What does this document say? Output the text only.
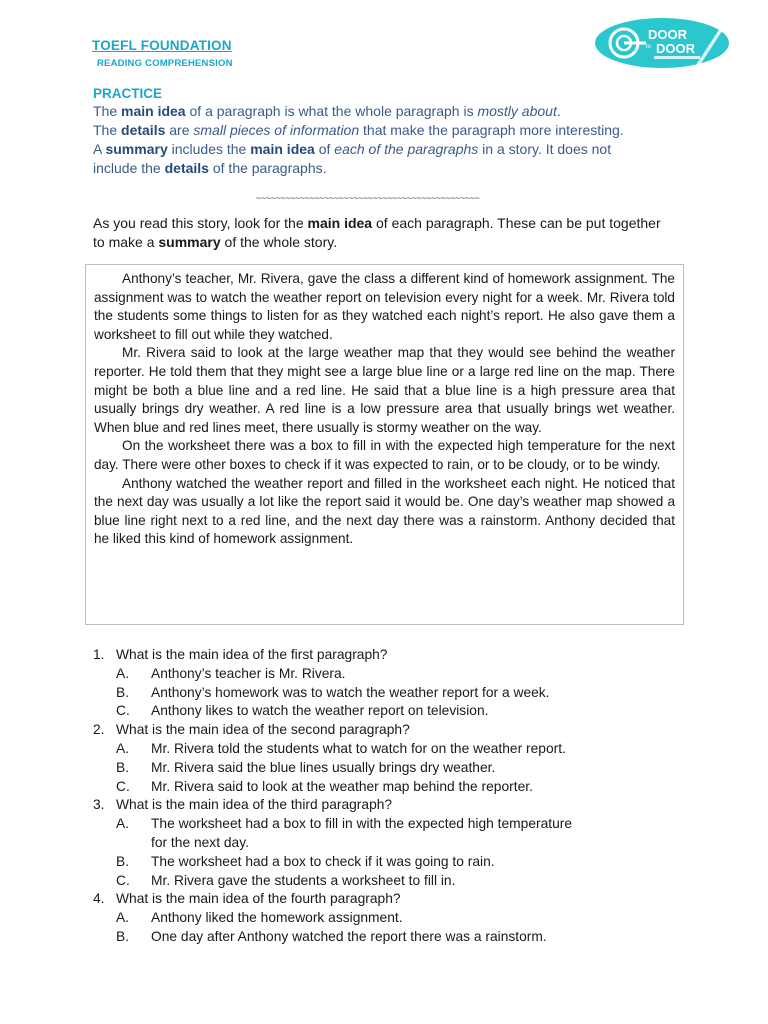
TOEFL FOUNDATION
READING COMPREHENSION
DOOR
to DOOR
PRACTICE
The main idea of a paragraph is what the whole paragraph is mostly about.
The details are small pieces of information that make the paragraph more interesting.
A summary includes the main idea of each of the paragraphs in a story. It does not include the details of the paragraphs.
~~~~~~~~~~~~~~~~~~~~~~~~~~~~~~~~~~~~~~~~~~~~~~
As you read this story, look for the main idea of each paragraph. These can be put together to make a summary of the whole story.

Anthony’s teacher, Mr. Rivera, gave the class a different kind of homework assignment. The assignment was to watch the weather report on television every night for a week. Mr. Rivera told the students some things to listen for as they watched each night’s report. He also gave them a worksheet to fill out while they watched.

Mr. Rivera said to look at the large weather map that they would see behind the weather reporter. He told them that they might see a large blue line or a large red line on the map. There might be both a blue line and a red line. He said that a blue line is a high pressure area that usually brings dry weather. A red line is a low pressure area that usually brings wet weather. When blue and red lines meet, there usually is stormy weather on the way.

On the worksheet there was a box to fill in with the expected high temperature for the next day. There were other boxes to check if it was expected to rain, or to be cloudy, or to be windy.

Anthony watched the weather report and filled in the worksheet each night. He noticed that the next day was usually a lot like the report said it would be. One day’s weather map showed a blue line right next to a red line, and the next day there was a rainstorm. Anthony decided that he liked this kind of homework assignment.

1. What is the main idea of the first paragraph?
A.	Anthony’s teacher is Mr. Rivera.
B.	Anthony’s homework was to watch the weather report for a week.
C.	Anthony likes to watch the weather report on television.
2. What is the main idea of the second paragraph?
A.	Mr. Rivera told the students what to watch for on the weather report.
B.	Mr. Rivera said the blue lines usually brings dry weather.
C.	Mr. Rivera said to look at the weather map behind the reporter.
3. What is the main idea of the third paragraph?
A.	The worksheet had a box to fill in with the expected high temperature for the next day.
B.	The worksheet had a box to check if it was going to rain.
C.	Mr. Rivera gave the students a worksheet to fill in.
4. What is the main idea of the fourth paragraph?
A.	Anthony liked the homework assignment.
B.	One day after Anthony watched the report there was a rainstorm.
